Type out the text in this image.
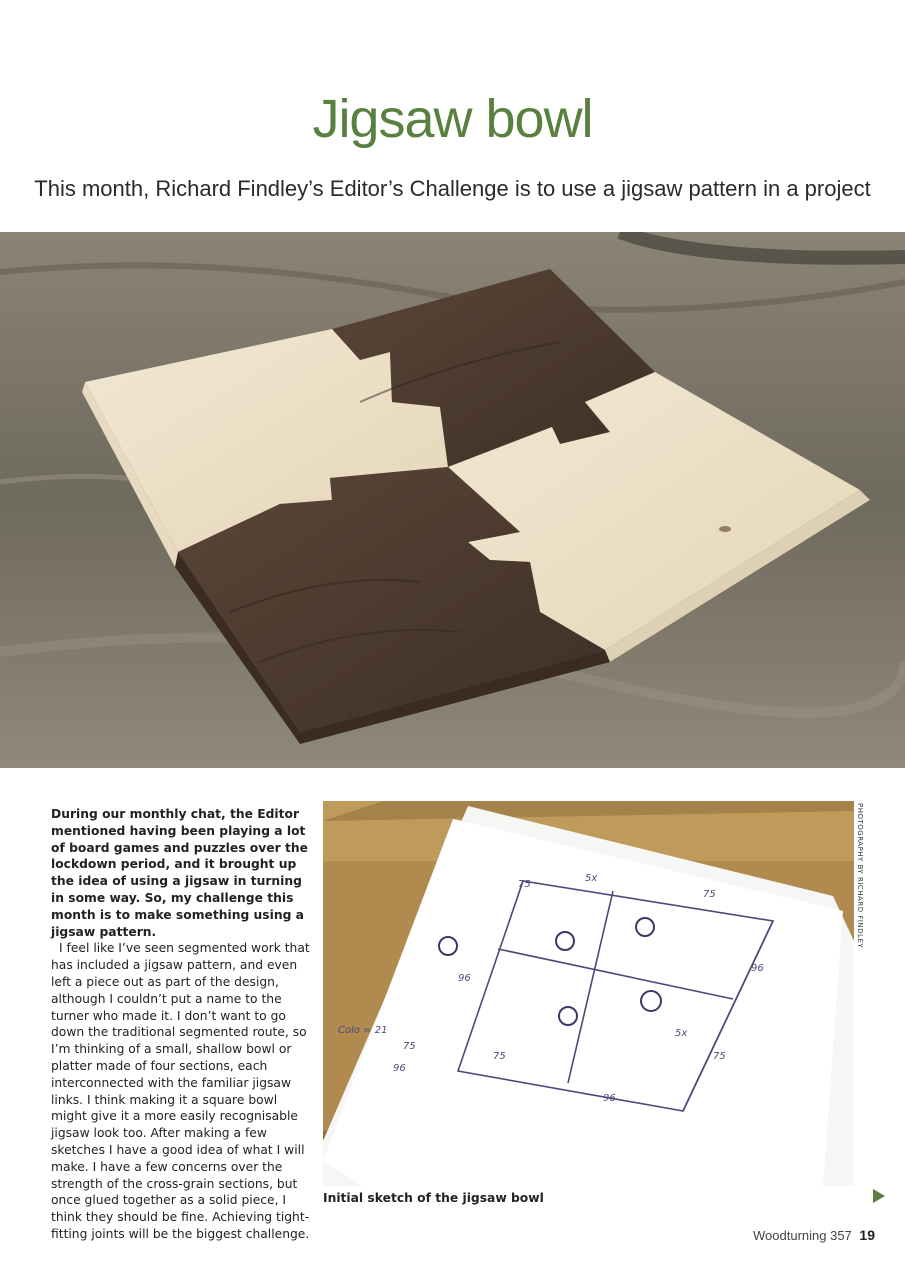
Jigsaw bowl

This month, Richard Findley’s Editor’s Challenge is to use a jigsaw pattern in a project

During our monthly chat, the Editor mentioned having been playing a lot of board games and puzzles over the lockdown period, and it brought up the idea of using a jigsaw in turning in some way. So, my challenge this month is to make something using a jigsaw pattern.

I feel like I’ve seen segmented work that has included a jigsaw pattern, and even left a piece out as part of the design, although I couldn’t put a name to the turner who made it. I don’t want to go down the traditional segmented route, so I’m thinking of a small, shallow bowl or platter made of four sections, each interconnected with the familiar jigsaw links. I think making it a square bowl might give it a more easily recognisable jigsaw look too. After making a few sketches I have a good idea of what I will make. I have a few concerns over the strength of the cross-grain sections, but once glued together as a solid piece, I think they should be fine. Achieving tight-fitting joints will be the biggest challenge.

75
75
96
75
96
75
96
5x
5x
75
96
Colo = 21
Initial sketch of the jigsaw bowl
PHOTOGRAPHY BY RICHARD FINDLEY
Woodturning 357 19
